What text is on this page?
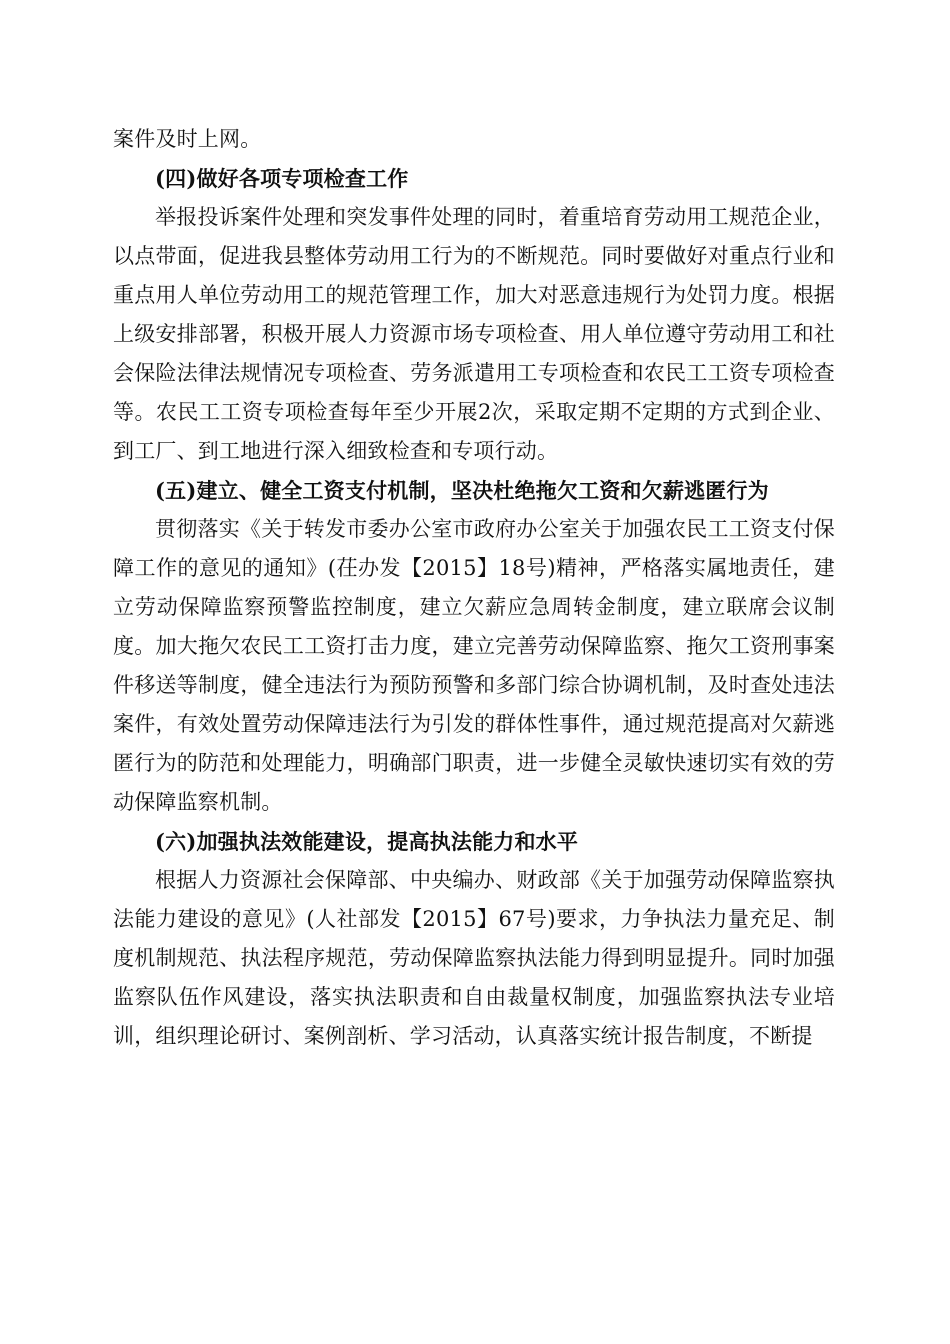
案件及时上网。

(四)做好各项专项检查工作

举报投诉案件处理和突发事件处理的同时，着重培育劳动用工规范企业，以点带面，促进我县整体劳动用工行为的不断规范。同时要做好对重点行业和重点用人单位劳动用工的规范管理工作，加大对恶意违规行为处罚力度。根据上级安排部署，积极开展人力资源市场专项检查、用人单位遵守劳动用工和社会保险法律法规情况专项检查、劳务派遣用工专项检查和农民工工资专项检查等。农民工工资专项检查每年至少开展2次，采取定期不定期的方式到企业、到工厂、到工地进行深入细致检查和专项行动。

(五)建立、健全工资支付机制，坚决杜绝拖欠工资和欠薪逃匿行为

贯彻落实《关于转发市委办公室市政府办公室关于加强农民工工资支付保障工作的意见的通知》(茌办发【2015】18号)精神，严格落实属地责任，建立劳动保障监察预警监控制度，建立欠薪应急周转金制度，建立联席会议制度。加大拖欠农民工工资打击力度，建立完善劳动保障监察、拖欠工资刑事案件移送等制度，健全违法行为预防预警和多部门综合协调机制，及时查处违法案件，有效处置劳动保障违法行为引发的群体性事件，通过规范提高对欠薪逃匿行为的防范和处理能力，明确部门职责，进一步健全灵敏快速切实有效的劳动保障监察机制。

(六)加强执法效能建设，提高执法能力和水平

根据人力资源社会保障部、中央编办、财政部《关于加强劳动保障监察执法能力建设的意见》(人社部发【2015】67号)要求，力争执法力量充足、制度机制规范、执法程序规范，劳动保障监察执法能力得到明显提升。同时加强监察队伍作风建设，落实执法职责和自由裁量权制度，加强监察执法专业培训，组织理论研讨、案例剖析、学习活动，认真落实统计报告制度，不断提
